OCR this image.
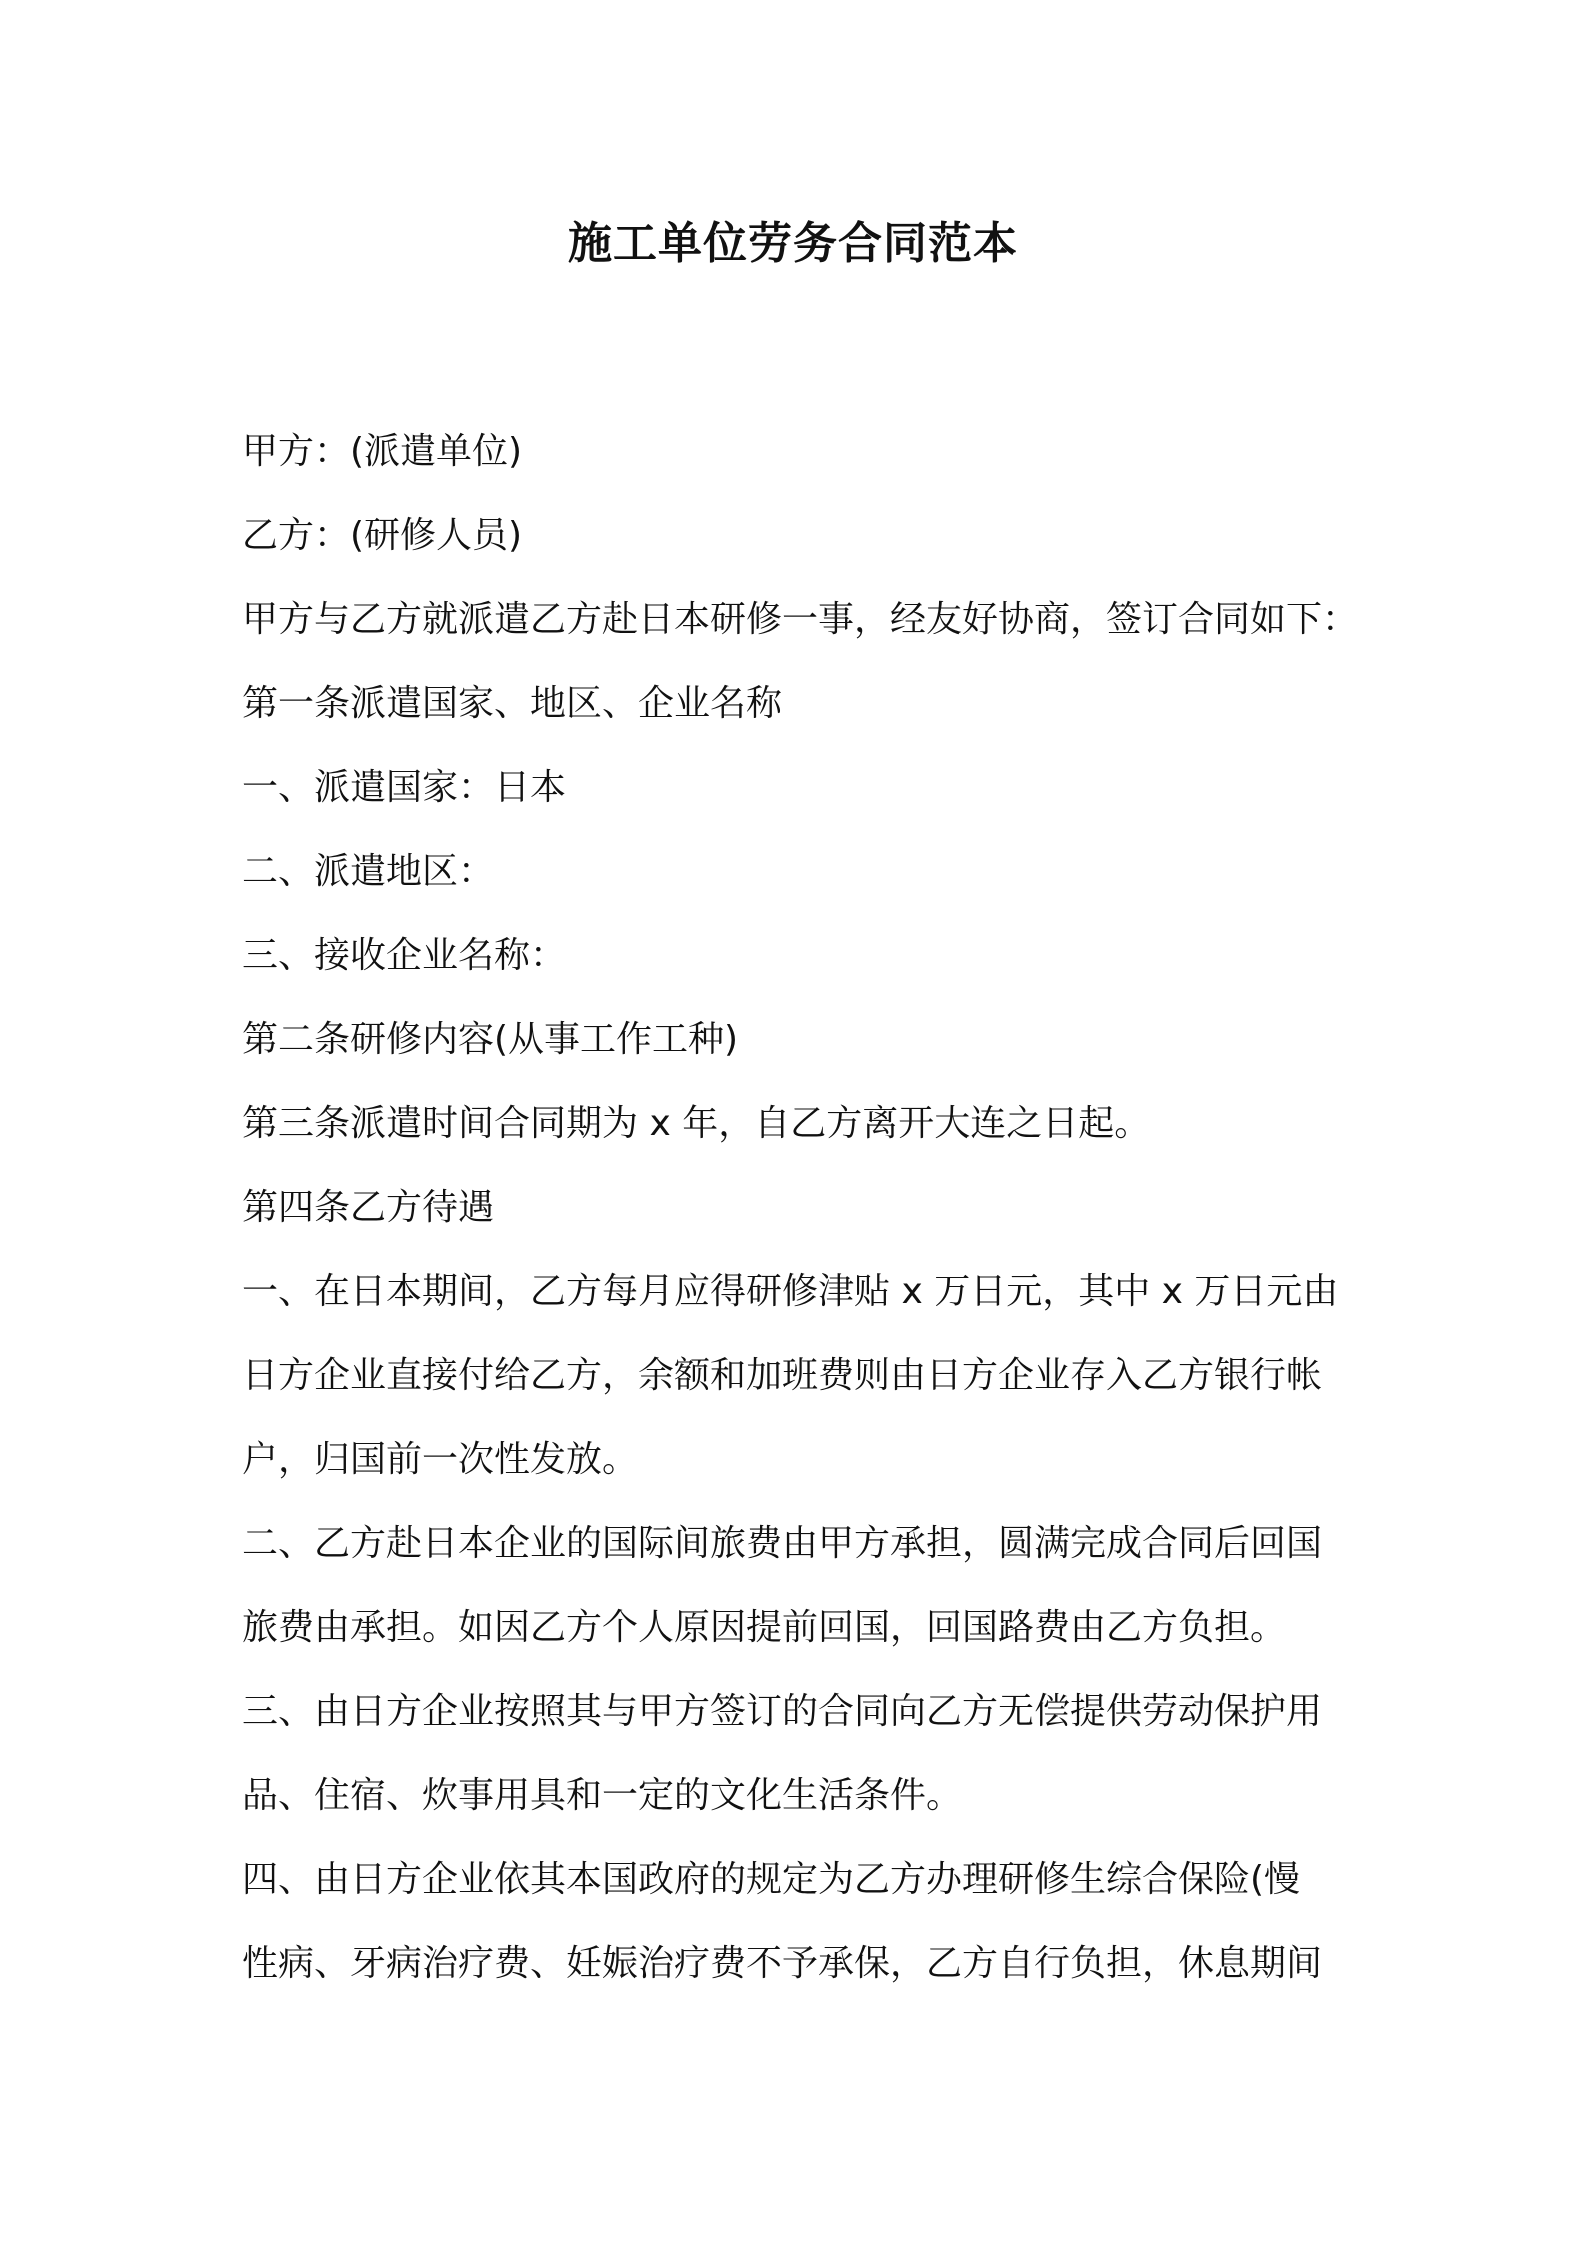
施工单位劳务合同范本

甲方：(派遣单位)

乙方：(研修人员)

甲方与乙方就派遣乙方赴日本研修一事，经友好协商，签订合同如下：

第一条派遣国家、地区、企业名称

一、派遣国家：日本

二、派遣地区：

三、接收企业名称：

第二条研修内容(从事工作工种)

第三条派遣时间合同期为 x 年，自乙方离开大连之日起。

第四条乙方待遇

一、在日本期间，乙方每月应得研修津贴 x 万日元，其中 x 万日元由

日方企业直接付给乙方，余额和加班费则由日方企业存入乙方银行帐

户，归国前一次性发放。

二、乙方赴日本企业的国际间旅费由甲方承担，圆满完成合同后回国

旅费由承担。如因乙方个人原因提前回国，回国路费由乙方负担。

三、由日方企业按照其与甲方签订的合同向乙方无偿提供劳动保护用

品、住宿、炊事用具和一定的文化生活条件。

四、由日方企业依其本国政府的规定为乙方办理研修生综合保险(慢

性病、牙病治疗费、妊娠治疗费不予承保，乙方自行负担，休息期间
